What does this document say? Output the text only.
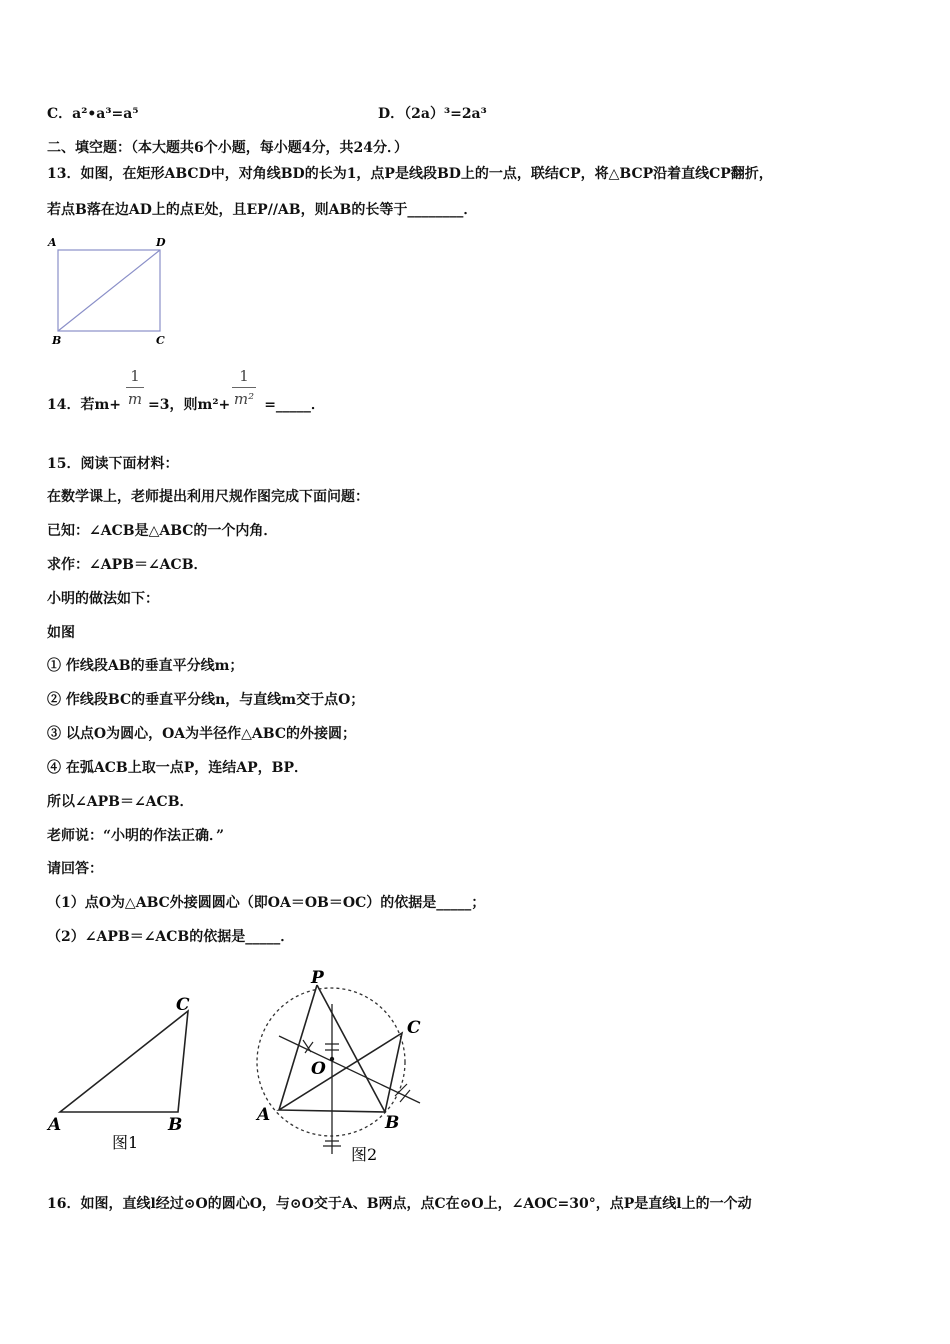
C．a²•a³=a⁵	D．（2a）³=2a³
二、填空题：（本大题共6个小题，每小题4分，共24分．）
13．如图，在矩形ABCD中，对角线BD的长为1，点P是线段BD上的一点，联结CP，将△BCP沿着直线CP翻折，
若点B落在边AD上的点E处，且EP//AB，则AB的长等于________．
A	D
B	C
14．若m+ =3，则m²+ =_____．
1
m
1
m²
15．阅读下面材料：
在数学课上，老师提出利用尺规作图完成下面问题：
已知：∠ACB是△ABC的一个内角．
求作：∠APB＝∠ACB．
小明的做法如下：
如图
① 作线段AB的垂直平分线m；
② 作线段BC的垂直平分线n，与直线m交于点O；
③ 以点O为圆心，OA为半径作△ABC的外接圆；
④ 在弧ACB上取一点P，连结AP，BP．
所以∠APB＝∠ACB．
老师说：“小明的作法正确．”
请回答：
（1）点O为△ABC外接圆圆心（即OA＝OB＝OC）的依据是_____；
（2）∠APB＝∠ACB的依据是_____．
C
A	B
图1
P
C
O
A	B
图2
16．如图，直线l经过⊙O的圆心O，与⊙O交于A、B两点，点C在⊙O上，∠AOC=30°，点P是直线l上的一个动
